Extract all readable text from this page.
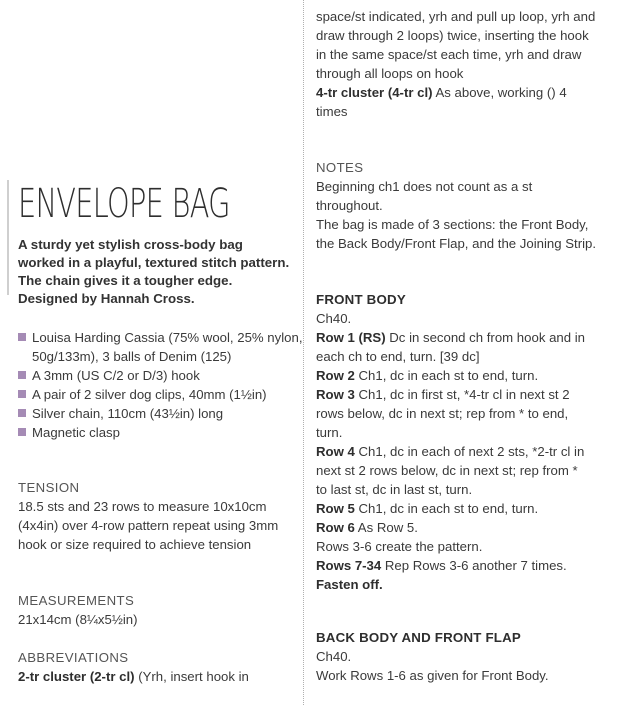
ENVELOPE BAG
A sturdy yet stylish cross-body bag worked in a playful, textured stitch pattern. The chain gives it a tougher edge. Designed by Hannah Cross.
Louisa Harding Cassia (75% wool, 25% nylon, 50g/133m), 3 balls of Denim (125)
A 3mm (US C/2 or D/3) hook
A pair of 2 silver dog clips, 40mm (1½in)
Silver chain, 110cm (43½in) long
Magnetic clasp
TENSION
18.5 sts and 23 rows to measure 10x10cm (4x4in) over 4-row pattern repeat using 3mm hook or size required to achieve tension
MEASUREMENTS
21x14cm (8¼x5½in)
ABBREVIATIONS
2-tr cluster (2-tr cl) (Yrh, insert hook in
space/st indicated, yrh and pull up loop, yrh and draw through 2 loops) twice, inserting the hook in the same space/st each time, yrh and draw through all loops on hook
4-tr cluster (4-tr cl) As above, working () 4 times
NOTES
Beginning ch1 does not count as a st throughout.
The bag is made of 3 sections: the Front Body, the Back Body/Front Flap, and the Joining Strip.
FRONT BODY
Ch40.
Row 1 (RS) Dc in second ch from hook and in each ch to end, turn. [39 dc]
Row 2 Ch1, dc in each st to end, turn.
Row 3 Ch1, dc in first st, *4-tr cl in next st 2 rows below, dc in next st; rep from * to end, turn.
Row 4 Ch1, dc in each of next 2 sts, *2-tr cl in next st 2 rows below, dc in next st; rep from * to last st, dc in last st, turn.
Row 5 Ch1, dc in each st to end, turn.
Row 6 As Row 5.
Rows 3-6 create the pattern.
Rows 7-34 Rep Rows 3-6 another 7 times. Fasten off.
BACK BODY AND FRONT FLAP
Ch40.
Work Rows 1-6 as given for Front Body.
